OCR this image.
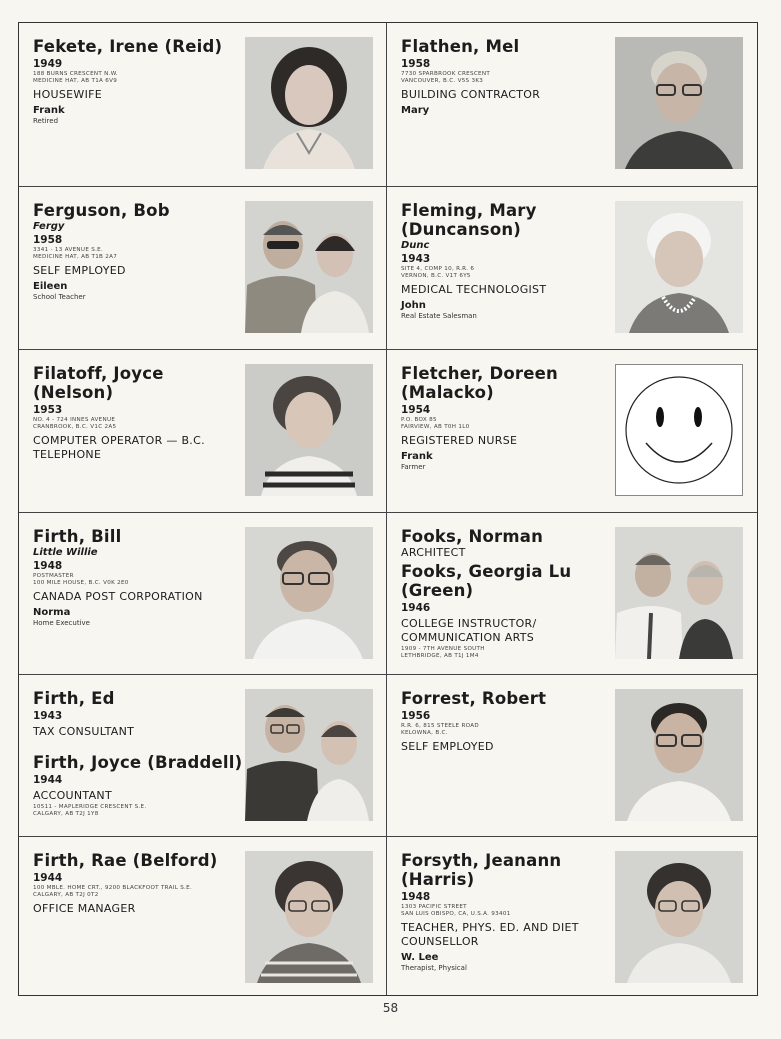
Fekete, Irene (Reid)
1949
188 BURNS CRESCENT N.W.
MEDICINE HAT, AB T1A 6V9
HOUSEWIFE
Frank
Retired
Flathen, Mel
1958
7730 SPARBROOK CRESCENT
VANCOUVER, B.C. V5S 3K3
BUILDING CONTRACTOR
Mary
Ferguson, Bob
Fergy
1958
3341 - 13 AVENUE S.E.
MEDICINE HAT, AB T1B 2A7
SELF EMPLOYED
Eileen
School Teacher
Fleming, Mary
(Duncanson)
Dunc
1943
SITE 4, COMP 10, R.R. 6
VERNON, B.C. V1T 6Y5
MEDICAL TECHNOLOGIST
John
Real Estate Salesman
Filatoff, Joyce
(Nelson)
1953
NO. 4 - 724 INNES AVENUE
CRANBROOK, B.C. V1C 2A5
COMPUTER OPERATOR — B.C.
TELEPHONE
Fletcher, Doreen
(Malacko)
1954
P.O. BOX 85
FAIRVIEW, AB T0H 1L0
REGISTERED NURSE
Frank
Farmer
Firth, Bill
Little Willie
1948
POSTMASTER
100 MILE HOUSE, B.C. V0K 2E0
CANADA POST CORPORATION
Norma
Home Executive
Fooks, Norman
ARCHITECT
Fooks, Georgia Lu
(Green)
1946
COLLEGE INSTRUCTOR/
COMMUNICATION ARTS
1909 - 7TH AVENUE SOUTH
LETHBRIDGE, AB T1J 1M4
Firth, Ed
1943
TAX CONSULTANT
Firth, Joyce (Braddell)
1944
ACCOUNTANT
10511 - MAPLERIDGE CRESCENT S.E.
CALGARY, AB T2J 1Y8
Forrest, Robert
1956
R.R. 6, 815 STEELE ROAD
KELOWNA, B.C.
SELF EMPLOYED
Firth, Rae (Belford)
1944
100 MBLE. HOME CRT., 9200 BLACKFOOT TRAIL S.E.
CALGARY, AB T2J 0T2
OFFICE MANAGER
Forsyth, Jeanann
(Harris)
1948
1303 PACIFIC STREET
SAN LUIS OBISPO, CA, U.S.A. 93401
TEACHER, PHYS. ED. AND DIET
COUNSELLOR
W. Lee
Therapist, Physical
58
